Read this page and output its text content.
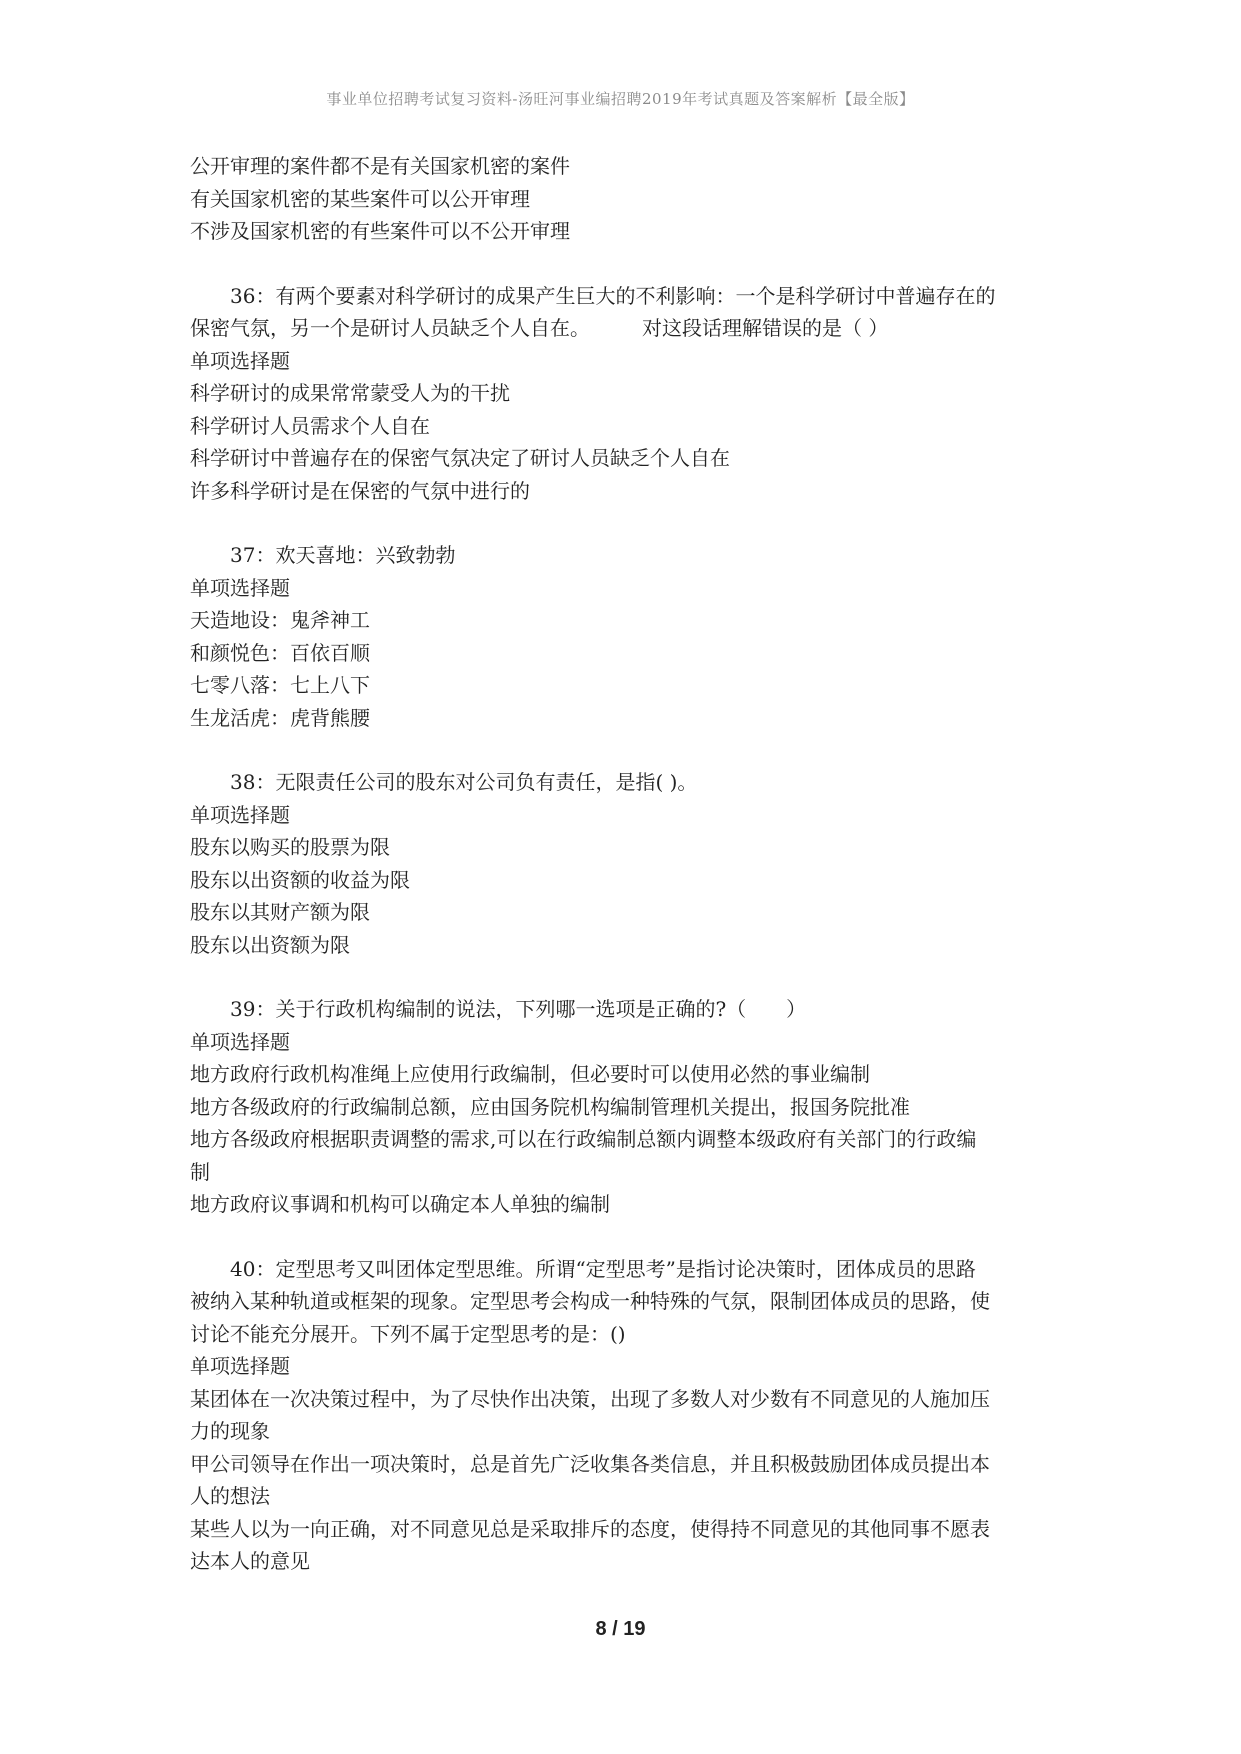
事业单位招聘考试复习资料-汤旺河事业编招聘2019年考试真题及答案解析【最全版】
公开审理的案件都不是有关国家机密的案件
有关国家机密的某些案件可以公开审理
不涉及国家机密的有些案件可以不公开审理
36：有两个要素对科学研讨的成果产生巨大的不利影响：一个是科学研讨中普遍存在的
保密气氛，另一个是研讨人员缺乏个人自在。	对这段话理解错误的是（ ）
单项选择题
科学研讨的成果常常蒙受人为的干扰
科学研讨人员需求个人自在
科学研讨中普遍存在的保密气氛决定了研讨人员缺乏个人自在
许多科学研讨是在保密的气氛中进行的
37：欢天喜地：兴致勃勃
单项选择题
天造地设：鬼斧神工
和颜悦色：百依百顺
七零八落：七上八下
生龙活虎：虎背熊腰
38：无限责任公司的股东对公司负有责任，是指( )。
单项选择题
股东以购买的股票为限
股东以出资额的收益为限
股东以其财产额为限
股东以出资额为限
39：关于行政机构编制的说法，下列哪一选项是正确的?（　　）
单项选择题
地方政府行政机构准绳上应使用行政编制，但必要时可以使用必然的事业编制
地方各级政府的行政编制总额，应由国务院机构编制管理机关提出，报国务院批准
地方各级政府根据职责调整的需求,可以在行政编制总额内调整本级政府有关部门的行政编
制
地方政府议事调和机构可以确定本人单独的编制
40：定型思考又叫团体定型思维。所谓“定型思考”是指讨论决策时，团体成员的思路
被纳入某种轨道或框架的现象。定型思考会构成一种特殊的气氛，限制团体成员的思路，使
讨论不能充分展开。下列不属于定型思考的是：()
单项选择题
某团体在一次决策过程中，为了尽快作出决策，出现了多数人对少数有不同意见的人施加压
力的现象
甲公司领导在作出一项决策时，总是首先广泛收集各类信息，并且积极鼓励团体成员提出本
人的想法
某些人以为一向正确，对不同意见总是采取排斥的态度，使得持不同意见的其他同事不愿表
达本人的意见
8 / 19
